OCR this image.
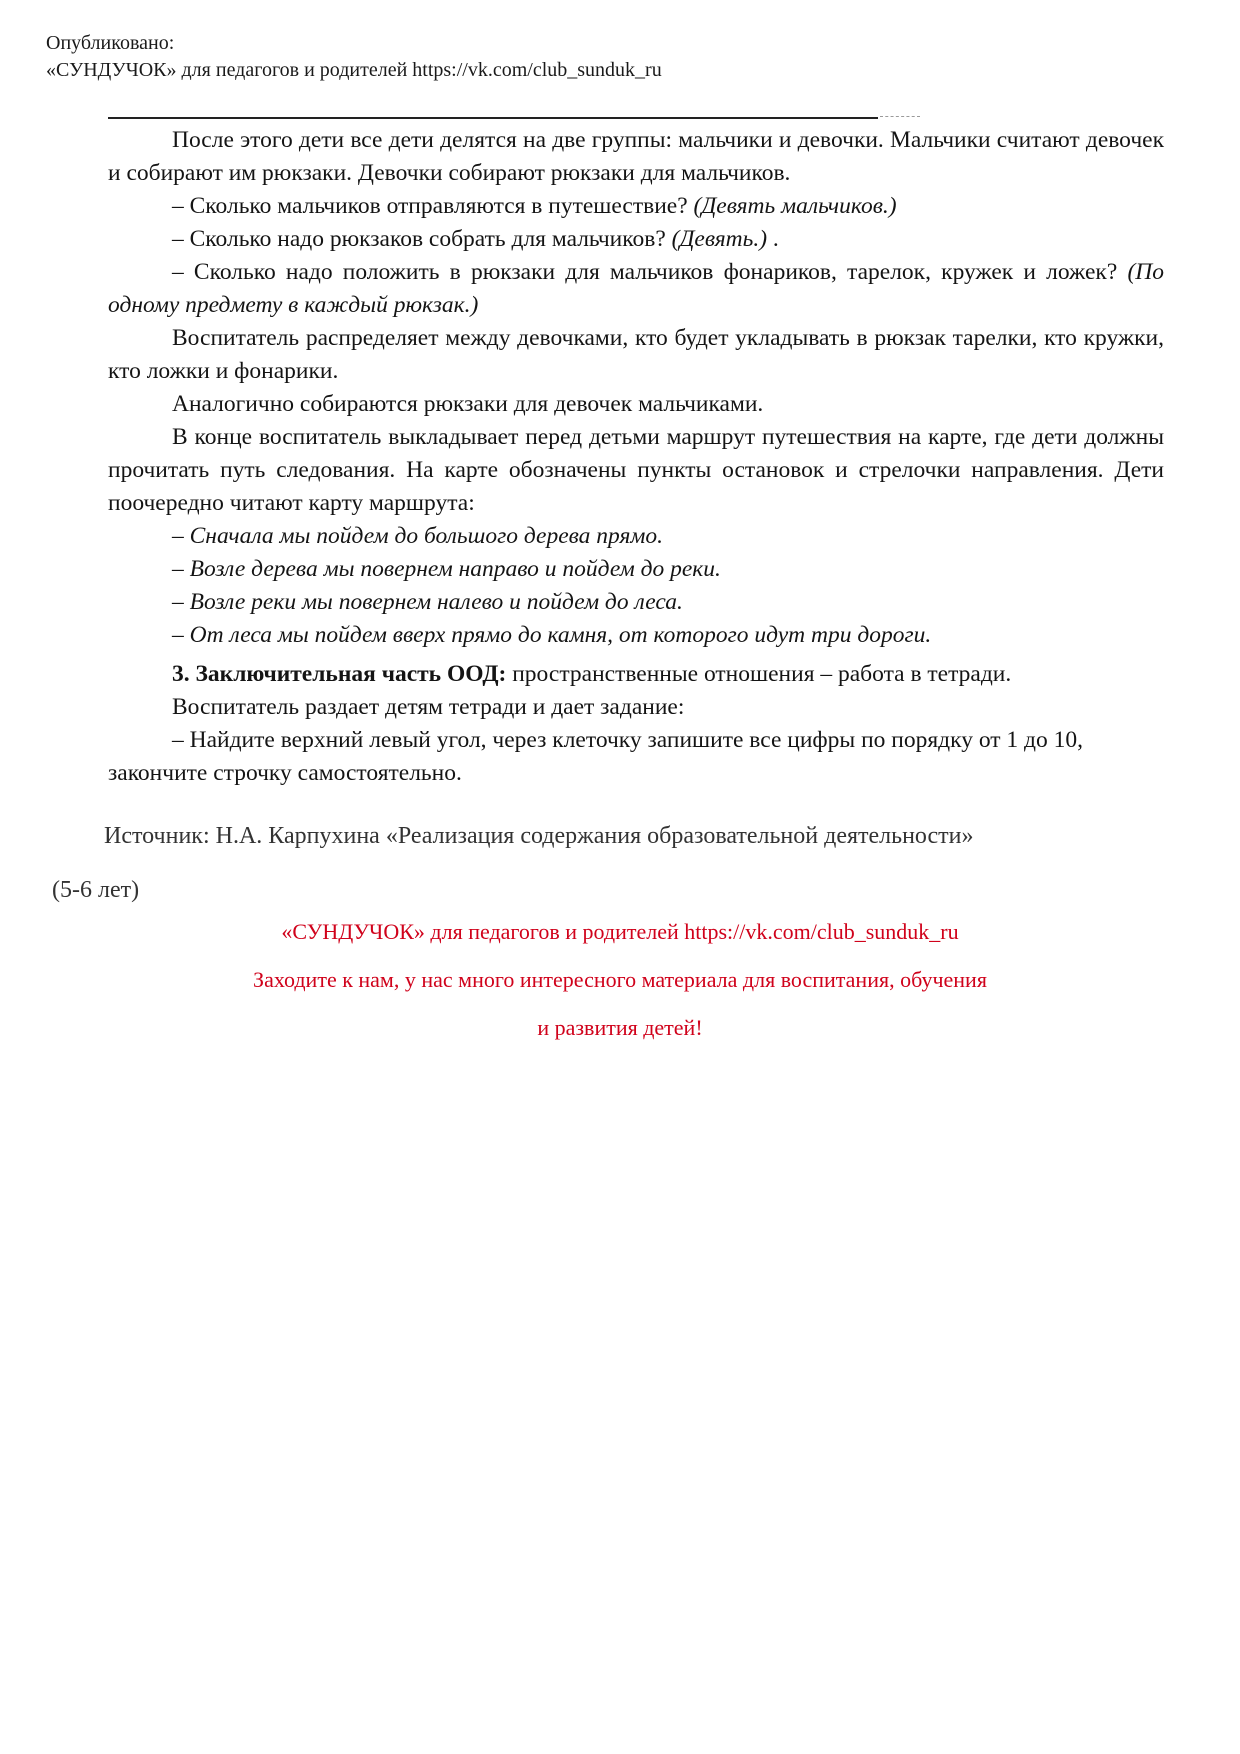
Опубликовано:
«СУНДУЧОК» для педагогов и родителей https://vk.com/club_sunduk_ru

После этого дети все дети делятся на две группы: мальчики и девочки. Мальчики считают девочек и собирают им рюкзаки. Девочки собирают рюкзаки для мальчиков.

– Сколько мальчиков отправляются в путешествие? (Девять мальчиков.)

– Сколько надо рюкзаков собрать для мальчиков? (Девять.) .

– Сколько надо положить в рюкзаки для мальчиков фонариков, тарелок, кружек и ложек? (По одному предмету в каждый рюкзак.)

Воспитатель распределяет между девочками, кто будет укладывать в рюкзак тарелки, кто кружки, кто ложки и фонарики.

Аналогично собираются рюкзаки для девочек мальчиками.

В конце воспитатель выкладывает перед детьми маршрут путешествия на карте, где дети должны прочитать путь следования. На карте обозначены пункты остановок и стрелочки направления. Дети поочередно читают карту маршрута:

– Сначала мы пойдем до большого дерева прямо.

– Возле дерева мы повернем направо и пойдем до реки.

– Возле реки мы повернем налево и пойдем до леса.

– От леса мы пойдем вверх прямо до камня, от которого идут три дороги.

3. Заключительная часть ООД: пространственные отношения – работа в тетради.

Воспитатель раздает детям тетради и дает задание:

– Найдите верхний левый угол, через клеточку запишите все цифры по порядку от 1 до 10, закончите строчку самостоятельно.

Источник: Н.А. Карпухина «Реализация содержания образовательной деятельности»
(5-6 лет)
«СУНДУЧОК» для педагогов и родителей https://vk.com/club_sunduk_ru
Заходите к нам, у нас много интересного материала для воспитания, обучения
и развития детей!
